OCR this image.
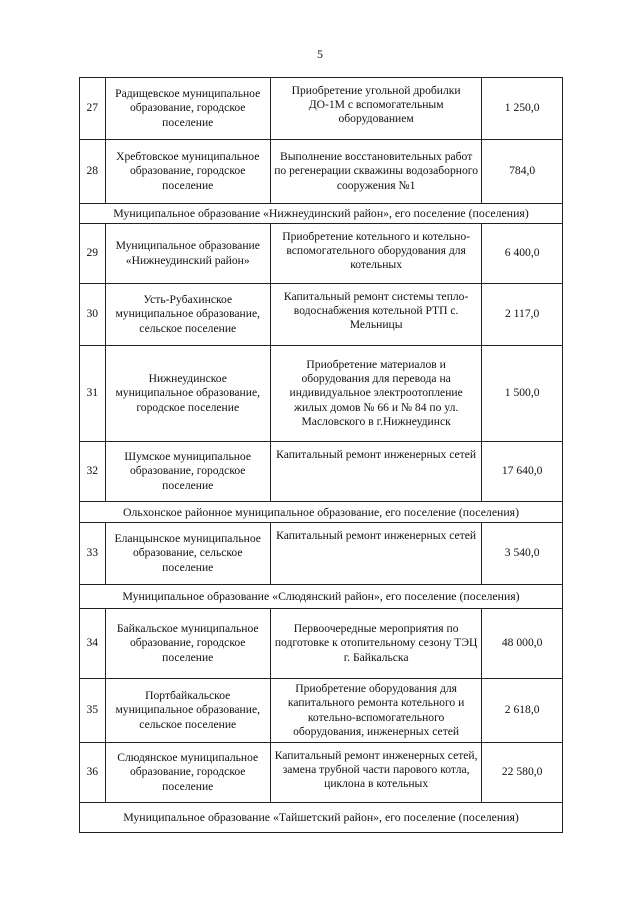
5
27	Радищевское муниципальное образование, городское поселение	Приобретение угольной дробилки ДО-1М с вспомогательным оборудованием	1 250,0
28	Хребтовское муниципальное образование, городское поселение	Выполнение восстановительных работ по регенерации скважины водозаборного сооружения №1	784,0
Муниципальное образование «Нижнеудинский район», его поселение (поселения)			
29	Муниципальное образование «Нижнеудинский район»	Приобретение котельного и котельно-вспомогательного оборудования для котельных	6 400,0
30	Усть-Рубахинское муниципальное образование, сельское поселение	Капитальный ремонт системы тепло-водоснабжения котельной РТП с. Мельницы	2 117,0
31	Нижнеудинское муниципальное образование, городское поселение	Приобретение материалов и оборудования для перевода на индивидуальное электроотопление жилых домов № 66 и № 84 по ул. Масловского в г.Нижнеудинск	1 500,0
32	Шумское муниципальное образование, городское поселение	Капитальный ремонт инженерных сетей	17 640,0
Ольхонское районное муниципальное образование, его поселение (поселения)			
33	Еланцынское муниципальное образование, сельское поселение	Капитальный ремонт инженерных сетей	3 540,0
Муниципальное образование «Слюдянский район», его поселение (поселения)			
34	Байкальское муниципальное образование, городское поселение	Первоочередные мероприятия по подготовке к отопительному сезону ТЭЦ г. Байкальска	48 000,0
35	Портбайкальское муниципальное образование, сельское поселение	Приобретение оборудования для капитального ремонта котельного и котельно-вспомогательного оборудования, инженерных сетей	2 618,0
36	Слюдянское муниципальное образование, городское поселение	Капитальный ремонт инженерных сетей, замена трубной части парового котла, циклона в котельных	22 580,0
Муниципальное образование «Тайшетский район», его поселение (поселения)			
